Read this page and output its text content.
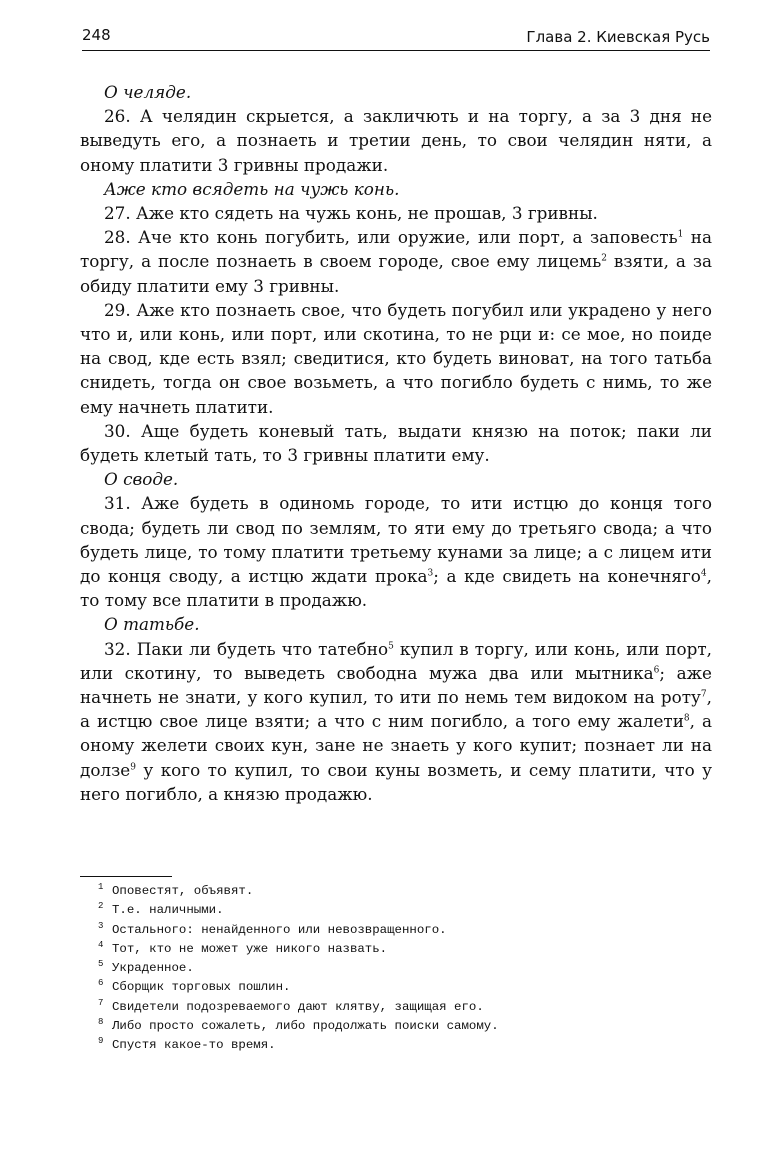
248	Глава 2. Киевская Русь

О челяде.

26. А челядин скрыется, а закличють и на торгу, а за 3 дня не выведуть его, а познаеть и третии день, то свои челядин няти, а оному платити 3 гривны продажи.

Аже кто всядеть на чужь конь.

27. Аже кто сядеть на чужь конь, не прошав, 3 гривны.

28. Аче кто конь погубить, или оружие, или порт, а заповесть$^1$ на торгу, а после познаеть в своем городе, свое ему лицемь$^2$ взяти, а за обиду платити ему 3 гривны.

29. Аже кто познаеть свое, что будеть погубил или украдено у него что и, или конь, или порт, или скотина, то не рци и: се мое, но поиде на свод, кде есть взял; сведитися, кто будеть виноват, на того татьба снидеть, тогда он свое возьметь, а что погибло будеть с нимь, то же ему начнеть платити.

30. Аще будеть коневый тать, выдати князю на поток; паки ли будеть клетый тать, то 3 гривны платити ему.

О своде.

31. Аже будеть в одиномь городе, то ити истцю до конця того свода; будеть ли свод по землям, то яти ему до третьяго свода; а что будеть лице, то тому платити третьему кунами за лице; а с лицем ити до конця своду, а истцю ждати прока$^3$; а кде свидеть на конечняго$^4$, то тому все платити в продажю.

О татьбе.

32. Паки ли будеть что татебно$^5$ купил в торгу, или конь, или порт, или скотину, то выведеть свободна мужа два или мытника$^6$; аже начнеть не знати, у кого купил, то ити по немь тем видоком на роту$^7$, а истцю свое лице взяти; а что с ним погибло, а того ему жалети$^8$, а оному желети своих кун, зане не знаеть у кого купит; познает ли на долзе$^9$ у кого то купил, то свои куны возметь, и сему платити, что у него погибло, а князю продажю.

1 Оповестят, объявят.
2 Т.е. наличными.
3 Остального: ненайденного или невозвращенного.
4 Тот, кто не может уже никого назвать.
5 Украденное.
6 Сборщик торговых пошлин.
7 Свидетели подозреваемого дают клятву, защищая его.
8 Либо просто сожалеть, либо продолжать поиски самому.
9 Спустя какое-то время.
